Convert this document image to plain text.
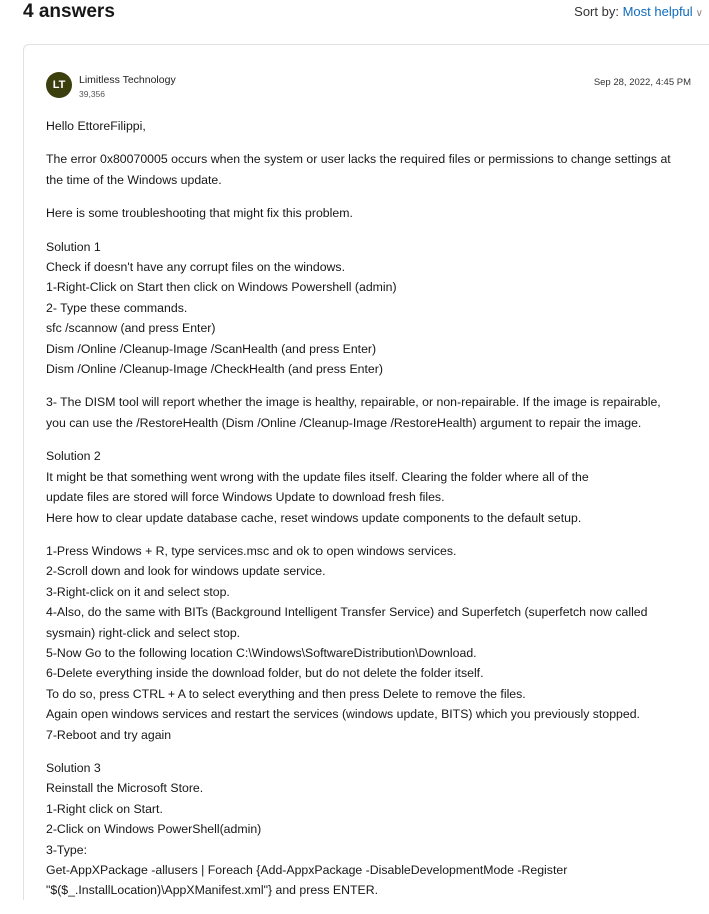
4 answers	Sort by: Most helpful ∨
LT	Limitless Technology
39,356
Sep 28, 2022, 4:45 PM

Hello EttoreFilippi,

The error 0x80070005 occurs when the system or user lacks the required files or permissions to change settings at
the time of the Windows update.

Here is some troubleshooting that might fix this problem.

Solution 1
Check if doesn't have any corrupt files on the windows.
1-Right-Click on Start then click on Windows Powershell (admin)
2- Type these commands.
sfc /scannow (and press Enter)
Dism /Online /Cleanup-Image /ScanHealth (and press Enter)
Dism /Online /Cleanup-Image /CheckHealth (and press Enter)

3- The DISM tool will report whether the image is healthy, repairable, or non-repairable. If the image is repairable,
you can use the /RestoreHealth (Dism /Online /Cleanup-Image /RestoreHealth) argument to repair the image.

Solution 2
It might be that something went wrong with the update files itself. Clearing the folder where all of the
update files are stored will force Windows Update to download fresh files.
Here how to clear update database cache, reset windows update components to the default setup.

1-Press Windows + R, type services.msc and ok to open windows services.
2-Scroll down and look for windows update service.
3-Right-click on it and select stop.
4-Also, do the same with BITs (Background Intelligent Transfer Service) and Superfetch (superfetch now called
sysmain) right-click and select stop.
5-Now Go to the following location C:\Windows\SoftwareDistribution\Download.
6-Delete everything inside the download folder, but do not delete the folder itself.
To do so, press CTRL + A to select everything and then press Delete to remove the files.
Again open windows services and restart the services (windows update, BITS) which you previously stopped.
7-Reboot and try again

Solution 3
Reinstall the Microsoft Store.
1-Right click on Start.
2-Click on Windows PowerShell(admin)
3-Type:
Get-AppXPackage -allusers | Foreach {Add-AppxPackage -DisableDevelopmentMode -Register
"$($_.InstallLocation)\AppXManifest.xml"} and press ENTER.
